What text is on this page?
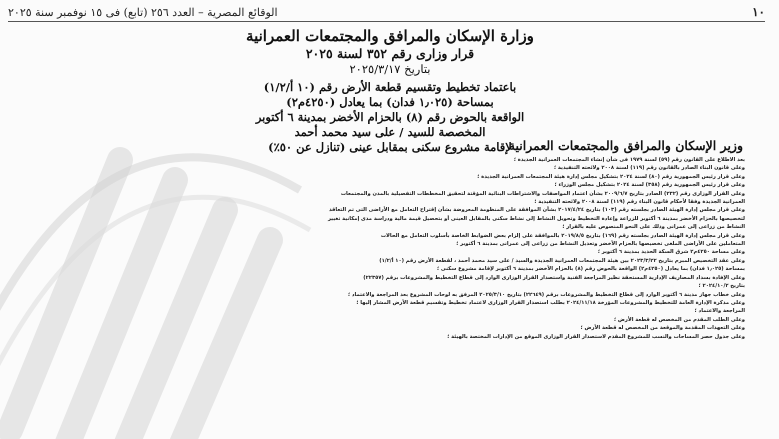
١٠
الوقائع المصرية – العدد ٢٥٦ (تابع) فى ١٥ نوفمبر سنة ٢٠٢٥
وزارة الإسكان والمرافق والمجتمعات العمرانية
قرار وزارى رقم ٣٥٢ لسنة ٢٠٢٥
بتاريخ ٢٠٢٥/٣/١٧
باعتماد تخطيط وتقسيم قطعة الأرض رقم (١٠ أ/١/٢)
بمساحة (١٫٠٢٥ فدان) بما يعادل (٤٢٥٠م٢)
الواقعة بالحوض رقم (٨) بالحزام الأخضر بمدينة ٦ أكتوبر
المخصصة للسيد / على سيد محمد أحمد
لإقامة مشروع سكنى بمقابل عينى (تنازل عن ٥٠٪)
وزير الإسكان والمرافق والمجتمعات العمرانية

بعد الاطلاع على القانون رقم (٥٩) لسنة ١٩٧٩ فى شأن إنشاء المجتمعات العمرانية الجديدة ؛

وعلى قانون البناء الصادر بالقانون رقم (١١٩) لسنة ٢٠٠٨ ولائحته التنفيذية ؛

وعلى قرار رئيس الجمهورية رقم (٨٠) لسنة ٢٠٢٤ بتشكيل مجلس إدارة هيئة المجتمعات العمرانية الجديدة ؛

وعلى قرار رئيس الجمهورية رقم (٣٥٨) لسنة ٢٠٢٤ بتشكيل مجلس الوزراء ؛

وعلى القرار الوزارى رقم (٢٣٢) الصادر بتاريخ ٢٠٠٩/٦/٧ بشأن اعتماد المواصفات والاشتراطات البنائية المؤقتة لتحقيق المخططات التفصيلية بالمدن والمجتمعات

العمرانية الجديدة وفقا لأحكام قانون البناء رقم (١١٩) لسنة ٢٠٠٨ ولائحته التنفيذية ؛

وعلى قرار مجلس إدارة الهيئة الصادر بجلسته رقم (١٠٣) بتاريخ ٢٠١٧/٤/٢٤ بشأن الموافقة على المنظومة المعروضة بشأن إقتراح التعامل مع الأراضى التى تم التعاقد

لتخصيصها بالحزام الأخضر بمدينة ٦ أكتوبر للزراعة وإعادة التخطيط وتحويل النشاط إلى نشاط سكنى بالمقابل العينى أو بتحصيل قيمة مالية ودراسة مدى إمكانية تغيير

النشاط من زراعى إلى عمرانى وذلك على النحو المنصوص عليه بالقرار ؛

وعلى قرار مجلس إدارة الهيئة الصادر بجلسته رقم (١٦٩) بتاريخ ٢٠١٩/٨/٥ بالموافقة على إلزام بعض الضوابط الخاصة بأسلوب التعامل مع الحالات

المتعاملين على الأراضى الملغى تخصيصها بالحزام الأخضر وتعديل النشاط من زراعى إلى عمرانى بمدينة ٦ أكتوبر ؛

وعلى مساحة ٤٢٥٠م٢ شرق السكة الحديد بمدينة ٦ أكتوبر ؛

وعلى عقد التخصيص المبرم بتاريخ ٢٠٢٣/٣/٢٢ بين هيئة المجتمعات العمرانية الجديدة والسيد / على سيد محمد أحمد ، لقطعة الأرض رقم (١٠ أ/١/٢)

بمساحة (١٫٠٢٥ فدان) بما يعادل (٤٢٥٠م٢) الواقعة بالحوض رقم (٨) بالحزام الأخضر بمدينة ٦ أكتوبر لإقامة مشروع سكنى ؛

وعلى الإفادة بسداد المصاريف الإدارية المستحقة نظير المراجعة الفنية واستصدار القرار الوزارى الوارد إلى قطاع التخطيط والمشروعات برقم (٢٢٣٥٧)

بتاريخ ٢٠٢٤/١٠/٢ ؛

وعلى خطاب جهاز مدينة ٦ أكتوبر الوارد إلى قطاع التخطيط والمشروعات برقم (٢٢٦٤٩) بتاريخ ٢٠٢٥/٣/١٠ المرفق به لوحات المشروع بعد المراجعة والاعتماد ؛

وعلى مذكرة الإدارة العامة للتخطيط والمشروعات المؤرخة ٢٠٢٤/١١/١٨ بطلب استصدار القرار الوزارى لاعتماد تخطيط وتقسيم قطعة الأرض المشار إليها ؛

المراجعة والاعتماد ؛

وعلى الطلب المقدم من المخصص له قطعة الأرض ؛

وعلى التعهدات المقدمة والموقعة من المخصص له قطعة الأرض ؛

وعلى جدول حصر المساحات والنسب للمشروع المقدم لاستصدار القرار الوزارى الموقع من الإدارات المختصة بالهيئة ؛
